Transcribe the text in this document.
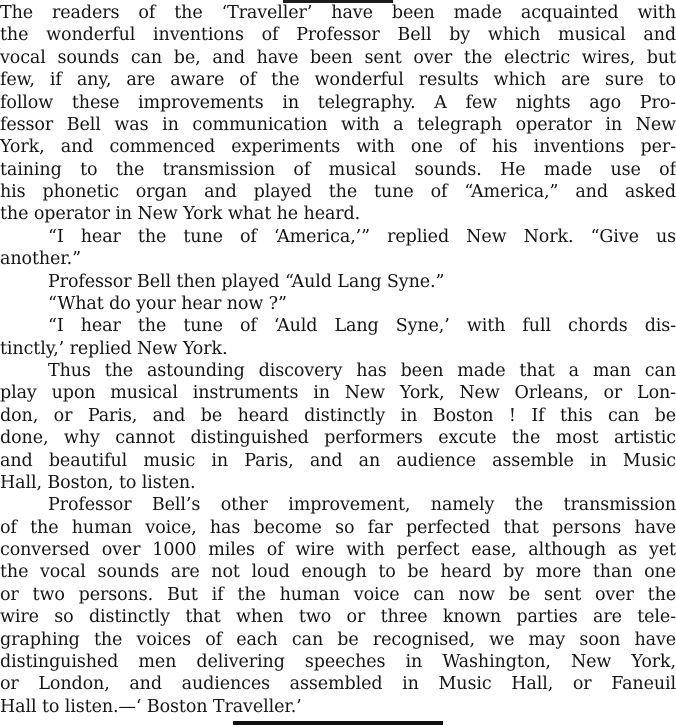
The readers of the ‘Traveller’ have been made acquainted with
the wonderful inventions of Professor Bell by which musical and
vocal sounds can be, and have been sent over the electric wires, but
few, if any, are aware of the wonderful results which are sure to
follow these improvements in telegraphy. A few nights ago Pro-
fessor Bell was in communication with a telegraph operator in New
York, and commenced experiments with one of his inventions per-
taining to the transmission of musical sounds. He made use of
his phonetic organ and played the tune of “America,” and asked
the operator in New York what he heard.
“I hear the tune of ‘America,’” replied New Nork. “Give us
another.”
Professor Bell then played “Auld Lang Syne.”
“What do your hear now ?”
“I hear the tune of ‘Auld Lang Syne,’ with full chords dis-
tinctly,’ replied New York.
Thus the astounding discovery has been made that a man can
play upon musical instruments in New York, New Orleans, or Lon-
don, or Paris, and be heard distinctly in Boston ! If this can be
done, why cannot distinguished performers excute the most artistic
and beautiful music in Paris, and an audience assemble in Music
Hall, Boston, to listen.
Professor Bell’s other improvement, namely the transmission
of the human voice, has become so far perfected that persons have
conversed over 1000 miles of wire with perfect ease, although as yet
the vocal sounds are not loud enough to be heard by more than one
or two persons. But if the human voice can now be sent over the
wire so distinctly that when two or three known parties are tele-
graphing the voices of each can be recognised, we may soon have
distinguished men delivering speeches in Washington, New York,
or London, and audiences assembled in Music Hall, or Faneuil
Hall to listen.—‘ Boston Traveller.’
